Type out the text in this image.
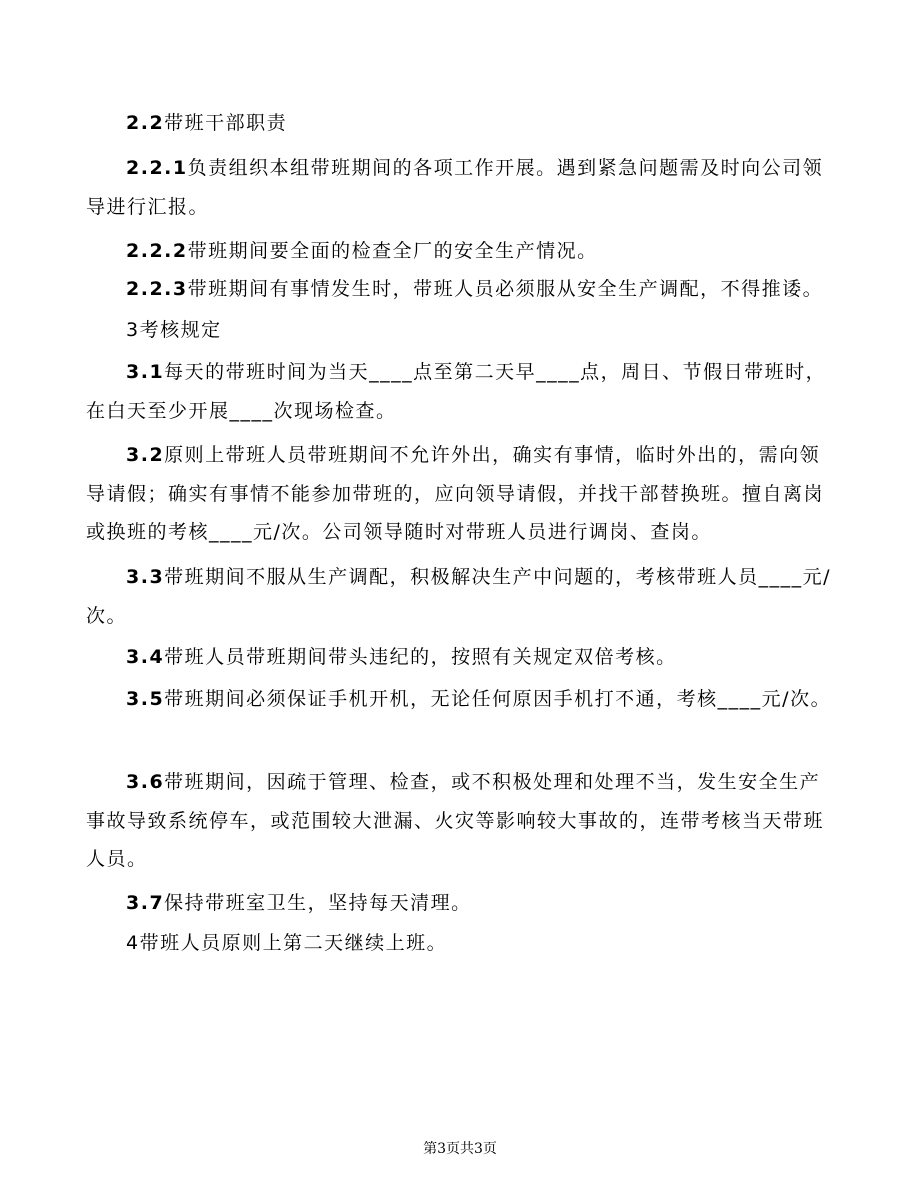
2.2带班干部职责

2.2.1负责组织本组带班期间的各项工作开展。遇到紧急问题需及时向公司领导进行汇报。

2.2.2带班期间要全面的检查全厂的安全生产情况。

2.2.3带班期间有事情发生时，带班人员必须服从安全生产调配，不得推诿。

3考核规定

3.1每天的带班时间为当天____点至第二天早____点，周日、节假日带班时，在白天至少开展____次现场检查。

3.2原则上带班人员带班期间不允许外出，确实有事情，临时外出的，需向领导请假；确实有事情不能参加带班的，应向领导请假，并找干部替换班。擅自离岗或换班的考核____元/次。公司领导随时对带班人员进行调岗、查岗。

3.3带班期间不服从生产调配，积极解决生产中问题的，考核带班人员____元/次。

3.4带班人员带班期间带头违纪的，按照有关规定双倍考核。

3.5带班期间必须保证手机开机，无论任何原因手机打不通，考核____元/次。

3.6带班期间，因疏于管理、检查，或不积极处理和处理不当，发生安全生产事故导致系统停车，或范围较大泄漏、火灾等影响较大事故的，连带考核当天带班人员。

3.7保持带班室卫生，坚持每天清理。

4带班人员原则上第二天继续上班。

第3页共3页
